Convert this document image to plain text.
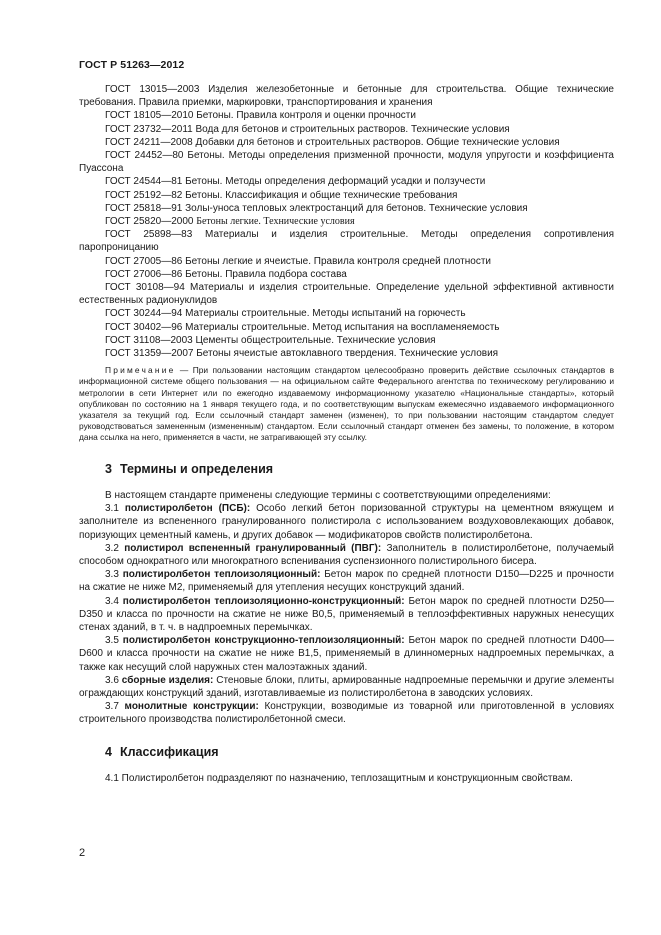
ГОСТ Р 51263—2012

ГОСТ 13015—2003 Изделия железобетонные и бетонные для строительства. Общие технические требования. Правила приемки, маркировки, транспортирования и хранения

ГОСТ 18105—2010 Бетоны. Правила контроля и оценки прочности

ГОСТ 23732—2011 Вода для бетонов и строительных растворов. Технические условия

ГОСТ 24211—2008 Добавки для бетонов и строительных растворов. Общие технические условия

ГОСТ 24452—80 Бетоны. Методы определения призменной прочности, модуля упругости и коэффициента Пуассона

ГОСТ 24544—81 Бетоны. Методы определения деформаций усадки и ползучести

ГОСТ 25192—82 Бетоны. Классификация и общие технические требования

ГОСТ 25818—91 Золы-уноса тепловых электростанций для бетонов. Технические условия

ГОСТ 25820—2000 Бетоны легкие. Технические условия

ГОСТ 25898—83 Материалы и изделия строительные. Методы определения сопротивления паропроницанию

ГОСТ 27005—86 Бетоны легкие и ячеистые. Правила контроля средней плотности

ГОСТ 27006—86 Бетоны. Правила подбора состава

ГОСТ 30108—94 Материалы и изделия строительные. Определение удельной эффективной активности естественных радионуклидов

ГОСТ 30244—94 Материалы строительные. Методы испытаний на горючесть

ГОСТ 30402—96 Материалы строительные. Метод испытания на воспламеняемость

ГОСТ 31108—2003 Цементы общестроительные. Технические условия

ГОСТ 31359—2007 Бетоны ячеистые автоклавного твердения. Технические условия

Примечание — При пользовании настоящим стандартом целесообразно проверить действие ссылочных стандартов в информационной системе общего пользования — на официальном сайте Федерального агентства по техническому регулированию и метрологии в сети Интернет или по ежегодно издаваемому информационному указателю «Национальные стандарты», который опубликован по состоянию на 1 января текущего года, и по соответствующим выпускам ежемесячно издаваемого информационного указателя за текущий год. Если ссылочный стандарт заменен (изменен), то при пользовании настоящим стандартом следует руководствоваться замененным (измененным) стандартом. Если ссылочный стандарт отменен без замены, то положение, в котором дана ссылка на него, применяется в части, не затрагивающей эту ссылку.

3 Термины и определения

В настоящем стандарте применены следующие термины с соответствующими определениями:

3.1 полистиролбетон (ПСБ): Особо легкий бетон поризованной структуры на цементном вяжущем и заполнителе из вспененного гранулированного полистирола с использованием воздухововлекающих добавок, поризующих цементный камень, и других добавок — модификаторов свойств полистиролбетона.

3.2 полистирол вспененный гранулированный (ПВГ): Заполнитель в полистиролбетоне, получаемый способом однократного или многократного вспенивания суспензионного полистирольного бисера.

3.3 полистиролбетон теплоизоляционный: Бетон марок по средней плотности D150—D225 и прочности на сжатие не ниже М2, применяемый для утепления несущих конструкций зданий.

3.4 полистиролбетон теплоизоляционно-конструкционный: Бетон марок по средней плотности D250—D350 и класса по прочности на сжатие не ниже В0,5, применяемый в теплоэффективных наружных ненесущих стенах зданий, в т. ч. в надпроемных перемычках.

3.5 полистиролбетон конструкционно-теплоизоляционный: Бетон марок по средней плотности D400—D600 и класса прочности на сжатие не ниже В1,5, применяемый в длинномерных надпроемных перемычках, а также как несущий слой наружных стен малоэтажных зданий.

3.6 сборные изделия: Стеновые блоки, плиты, армированные надпроемные перемычки и другие элементы ограждающих конструкций зданий, изготавливаемые из полистиролбетона в заводских условиях.

3.7 монолитные конструкции: Конструкции, возводимые из товарной или приготовленной в условиях строительного производства полистиролбетонной смеси.

4 Классификация

4.1 Полистиролбетон подразделяют по назначению, теплозащитным и конструкционным свойствам.

2
